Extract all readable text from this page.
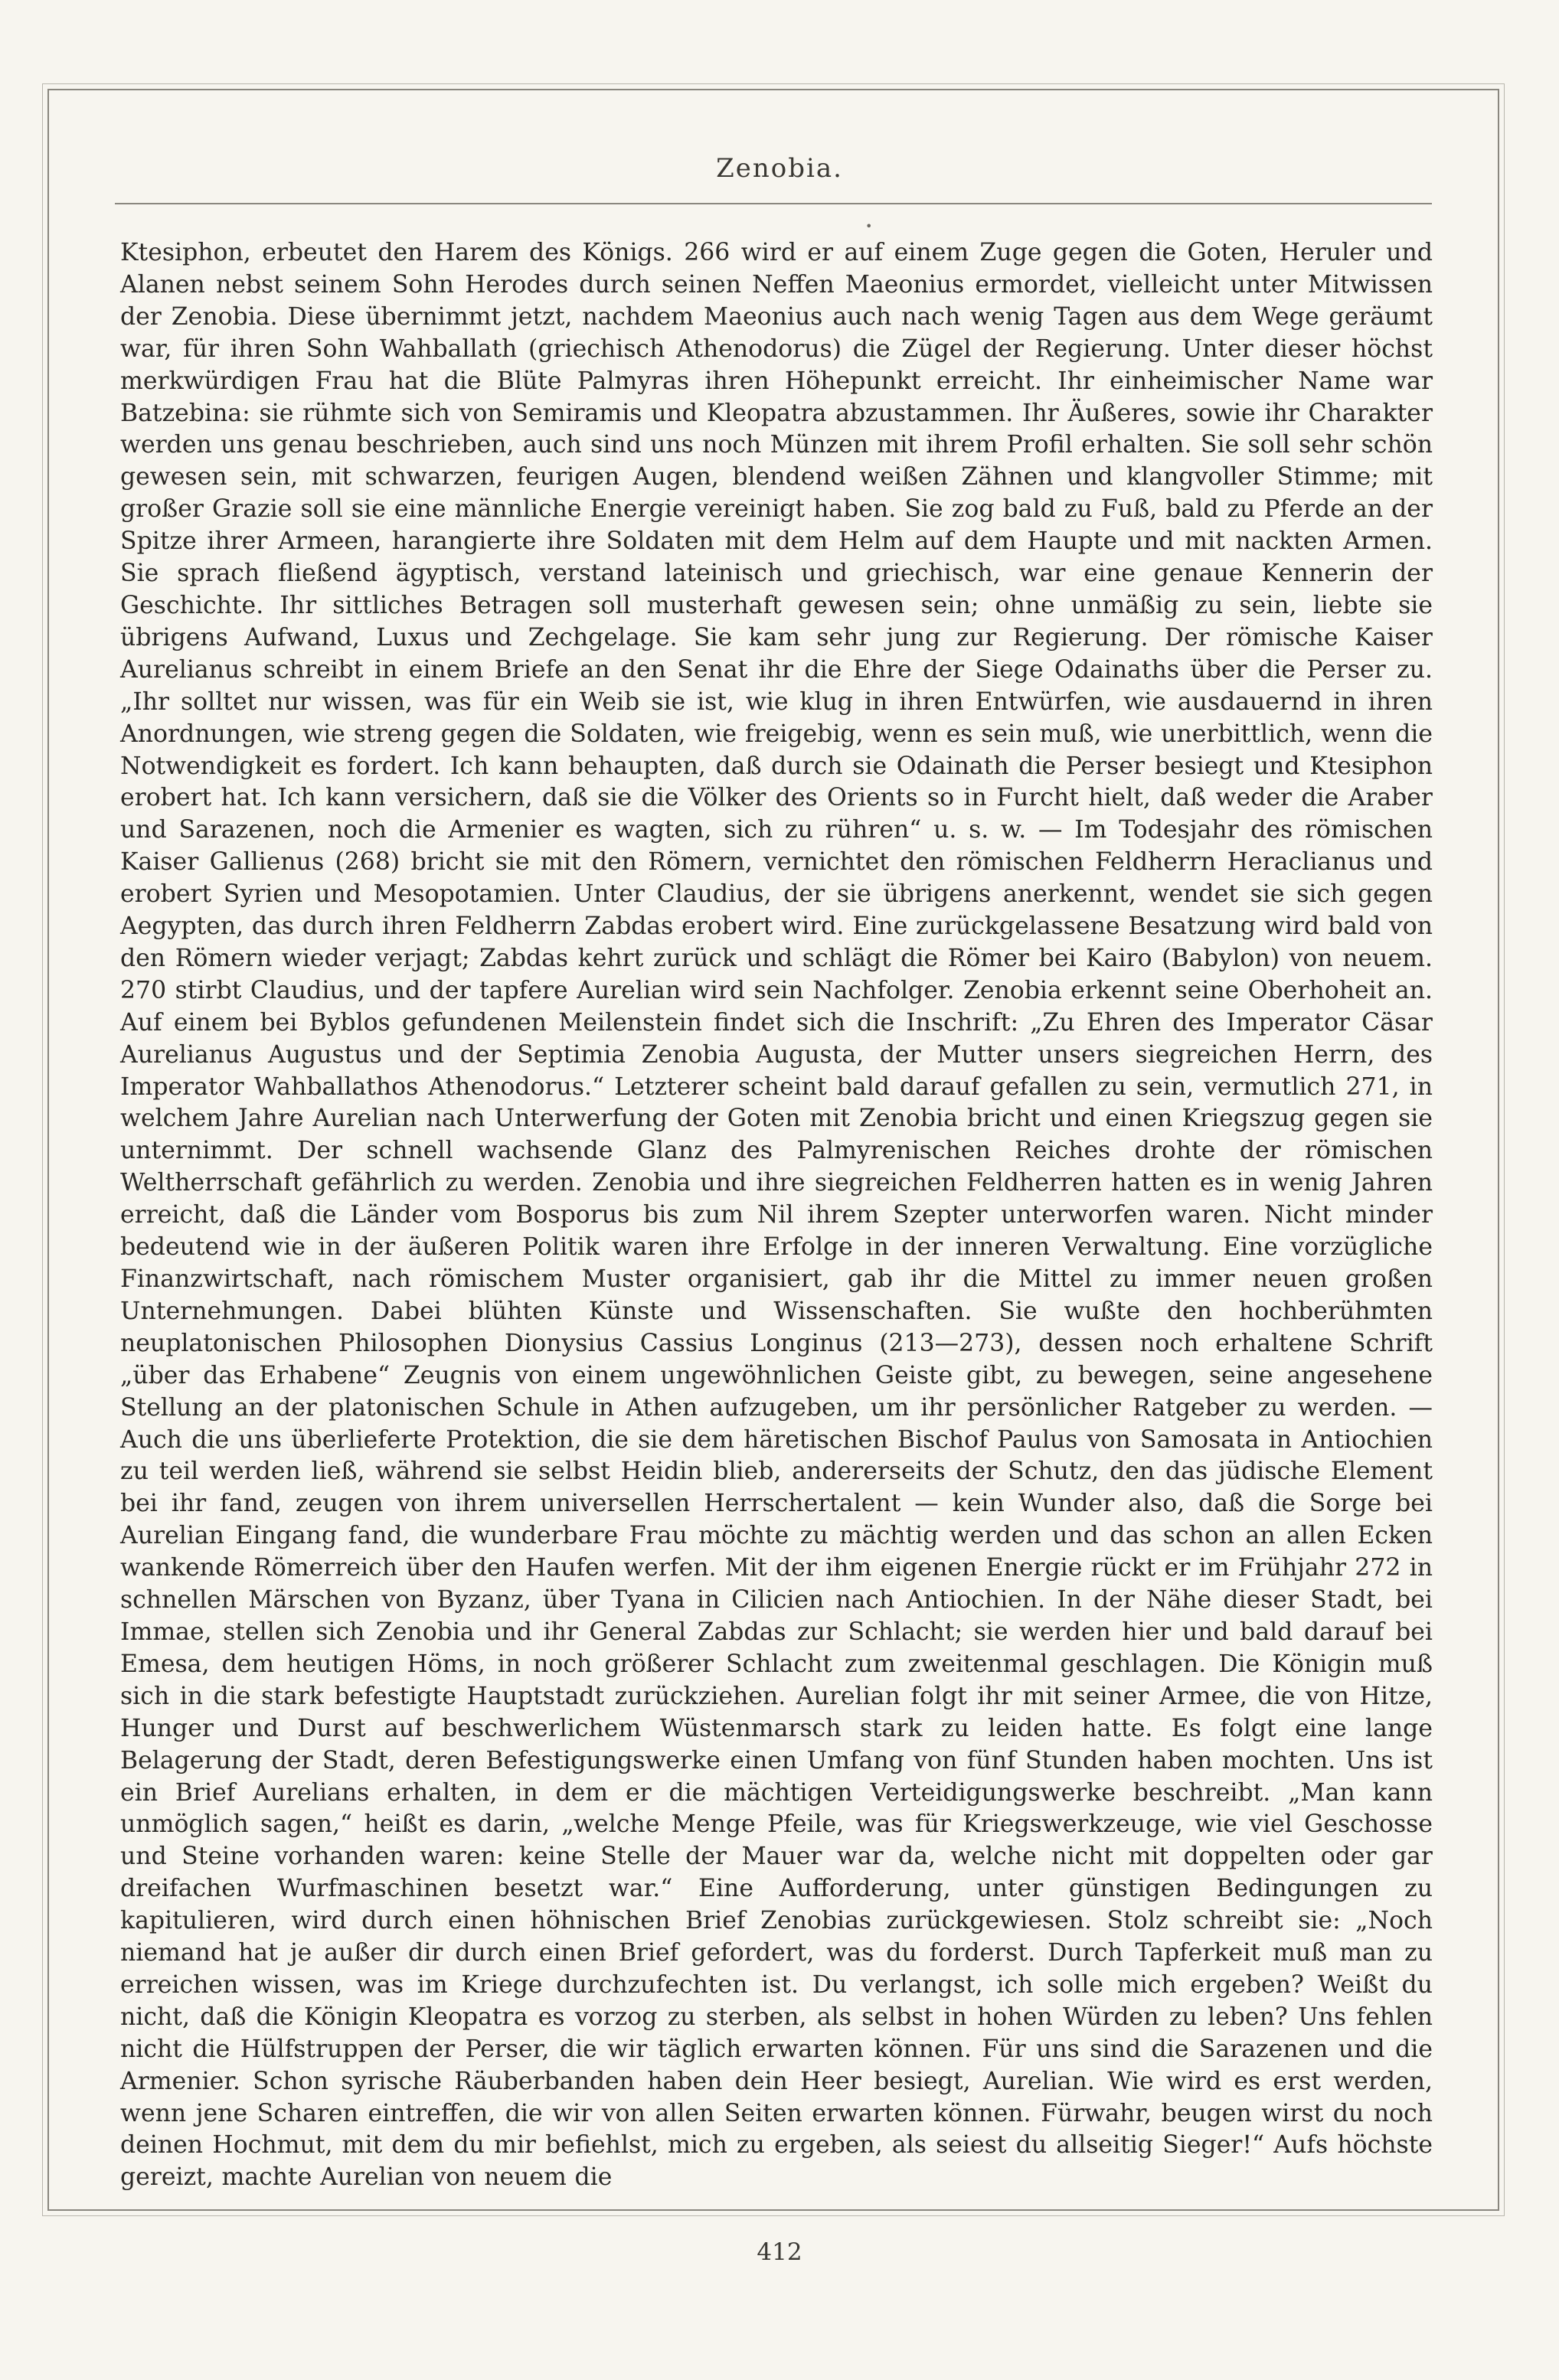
Zenobia.
•

Ktesiphon, erbeutet den Harem des Königs. 266 wird er auf einem Zuge gegen die Goten, Heruler und Alanen nebst seinem Sohn Herodes durch seinen Neffen Maeonius ermordet, vielleicht unter Mitwissen der Zenobia. Diese übernimmt jetzt, nachdem Maeonius auch nach wenig Tagen aus dem Wege geräumt war, für ihren Sohn Wahballath (griechisch Athenodorus) die Zügel der Regierung. Unter dieser höchst merkwürdigen Frau hat die Blüte Palmyras ihren Höhepunkt erreicht. Ihr einheimischer Name war Batzebina: sie rühmte sich von Semiramis und Kleopatra abzustammen. Ihr Äußeres, sowie ihr Charakter werden uns genau beschrieben, auch sind uns noch Münzen mit ihrem Profil erhalten. Sie soll sehr schön gewesen sein, mit schwarzen, feurigen Augen, blendend weißen Zähnen und klangvoller Stimme; mit großer Grazie soll sie eine männliche Energie vereinigt haben. Sie zog bald zu Fuß, bald zu Pferde an der Spitze ihrer Armeen, harangierte ihre Soldaten mit dem Helm auf dem Haupte und mit nackten Armen. Sie sprach fließend ägyptisch, verstand lateinisch und griechisch, war eine genaue Kennerin der Geschichte. Ihr sittliches Betragen soll musterhaft gewesen sein; ohne unmäßig zu sein, liebte sie übrigens Aufwand, Luxus und Zechgelage. Sie kam sehr jung zur Regierung. Der römische Kaiser Aurelianus schreibt in einem Briefe an den Senat ihr die Ehre der Siege Odainaths über die Perser zu. „Ihr solltet nur wissen, was für ein Weib sie ist, wie klug in ihren Entwürfen, wie ausdauernd in ihren Anordnungen, wie streng gegen die Soldaten, wie freigebig, wenn es sein muß, wie unerbittlich, wenn die Notwendigkeit es fordert. Ich kann behaupten, daß durch sie Odainath die Perser besiegt und Ktesiphon erobert hat. Ich kann versichern, daß sie die Völker des Orients so in Furcht hielt, daß weder die Araber und Sarazenen, noch die Armenier es wagten, sich zu rühren“ u. s. w. — Im Todesjahr des römischen Kaiser Gallienus (268) bricht sie mit den Römern, vernichtet den römischen Feldherrn Heraclianus und erobert Syrien und Mesopotamien. Unter Claudius, der sie übrigens anerkennt, wendet sie sich gegen Aegypten, das durch ihren Feldherrn Zabdas erobert wird. Eine zurückgelassene Besatzung wird bald von den Römern wieder verjagt; Zabdas kehrt zurück und schlägt die Römer bei Kairo (Babylon) von neuem. 270 stirbt Claudius, und der tapfere Aurelian wird sein Nachfolger. Zenobia erkennt seine Oberhoheit an. Auf einem bei Byblos gefundenen Meilenstein findet sich die Inschrift: „Zu Ehren des Imperator Cäsar Aurelianus Augustus und der Septimia Zenobia Augusta, der Mutter unsers siegreichen Herrn, des Imperator Wahballathos Athenodorus.“ Letzterer scheint bald darauf gefallen zu sein, vermutlich 271, in welchem Jahre Aurelian nach Unterwerfung der Goten mit Zenobia bricht und einen Kriegszug gegen sie unternimmt. Der schnell wachsende Glanz des Palmyrenischen Reiches drohte der römischen Weltherrschaft gefährlich zu werden. Zenobia und ihre siegreichen Feldherren hatten es in wenig Jahren erreicht, daß die Länder vom Bosporus bis zum Nil ihrem Szepter unterworfen waren. Nicht minder bedeutend wie in der äußeren Politik waren ihre Erfolge in der inneren Verwaltung. Eine vorzügliche Finanzwirtschaft, nach römischem Muster organisiert, gab ihr die Mittel zu immer neuen großen Unternehmungen. Dabei blühten Künste und Wissenschaften. Sie wußte den hochberühmten neuplatonischen Philosophen Dionysius Cassius Longinus (213—273), dessen noch erhaltene Schrift „über das Erhabene“ Zeugnis von einem ungewöhnlichen Geiste gibt, zu bewegen, seine angesehene Stellung an der platonischen Schule in Athen aufzugeben, um ihr persönlicher Ratgeber zu werden. — Auch die uns überlieferte Protektion, die sie dem häretischen Bischof Paulus von Samosata in Antiochien zu teil werden ließ, während sie selbst Heidin blieb, andererseits der Schutz, den das jüdische Element bei ihr fand, zeugen von ihrem universellen Herrschertalent — kein Wunder also, daß die Sorge bei Aurelian Eingang fand, die wunderbare Frau möchte zu mächtig werden und das schon an allen Ecken wankende Römerreich über den Haufen werfen. Mit der ihm eigenen Energie rückt er im Frühjahr 272 in schnellen Märschen von Byzanz, über Tyana in Cilicien nach Antiochien. In der Nähe dieser Stadt, bei Immae, stellen sich Zenobia und ihr General Zabdas zur Schlacht; sie werden hier und bald darauf bei Emesa, dem heutigen Höms, in noch größerer Schlacht zum zweitenmal geschlagen. Die Königin muß sich in die stark befestigte Hauptstadt zurückziehen. Aurelian folgt ihr mit seiner Armee, die von Hitze, Hunger und Durst auf beschwerlichem Wüstenmarsch stark zu leiden hatte. Es folgt eine lange Belagerung der Stadt, deren Befestigungswerke einen Umfang von fünf Stunden haben mochten. Uns ist ein Brief Aurelians erhalten, in dem er die mächtigen Verteidigungswerke beschreibt. „Man kann unmöglich sagen,“ heißt es darin, „welche Menge Pfeile, was für Kriegswerkzeuge, wie viel Geschosse und Steine vorhanden waren: keine Stelle der Mauer war da, welche nicht mit doppelten oder gar dreifachen Wurfmaschinen besetzt war.“ Eine Aufforderung, unter günstigen Bedingungen zu kapitulieren, wird durch einen höhnischen Brief Zenobias zurückgewiesen. Stolz schreibt sie: „Noch niemand hat je außer dir durch einen Brief gefordert, was du forderst. Durch Tapferkeit muß man zu erreichen wissen, was im Kriege durchzufechten ist. Du verlangst, ich solle mich ergeben? Weißt du nicht, daß die Königin Kleopatra es vorzog zu sterben, als selbst in hohen Würden zu leben? Uns fehlen nicht die Hülfstruppen der Perser, die wir täglich erwarten können. Für uns sind die Sarazenen und die Armenier. Schon syrische Räuberbanden haben dein Heer besiegt, Aurelian. Wie wird es erst werden, wenn jene Scharen eintreffen, die wir von allen Seiten erwarten können. Fürwahr, beugen wirst du noch deinen Hochmut, mit dem du mir befiehlst, mich zu ergeben, als seiest du allseitig Sieger!“ Aufs höchste gereizt, machte Aurelian von neuem die

412
